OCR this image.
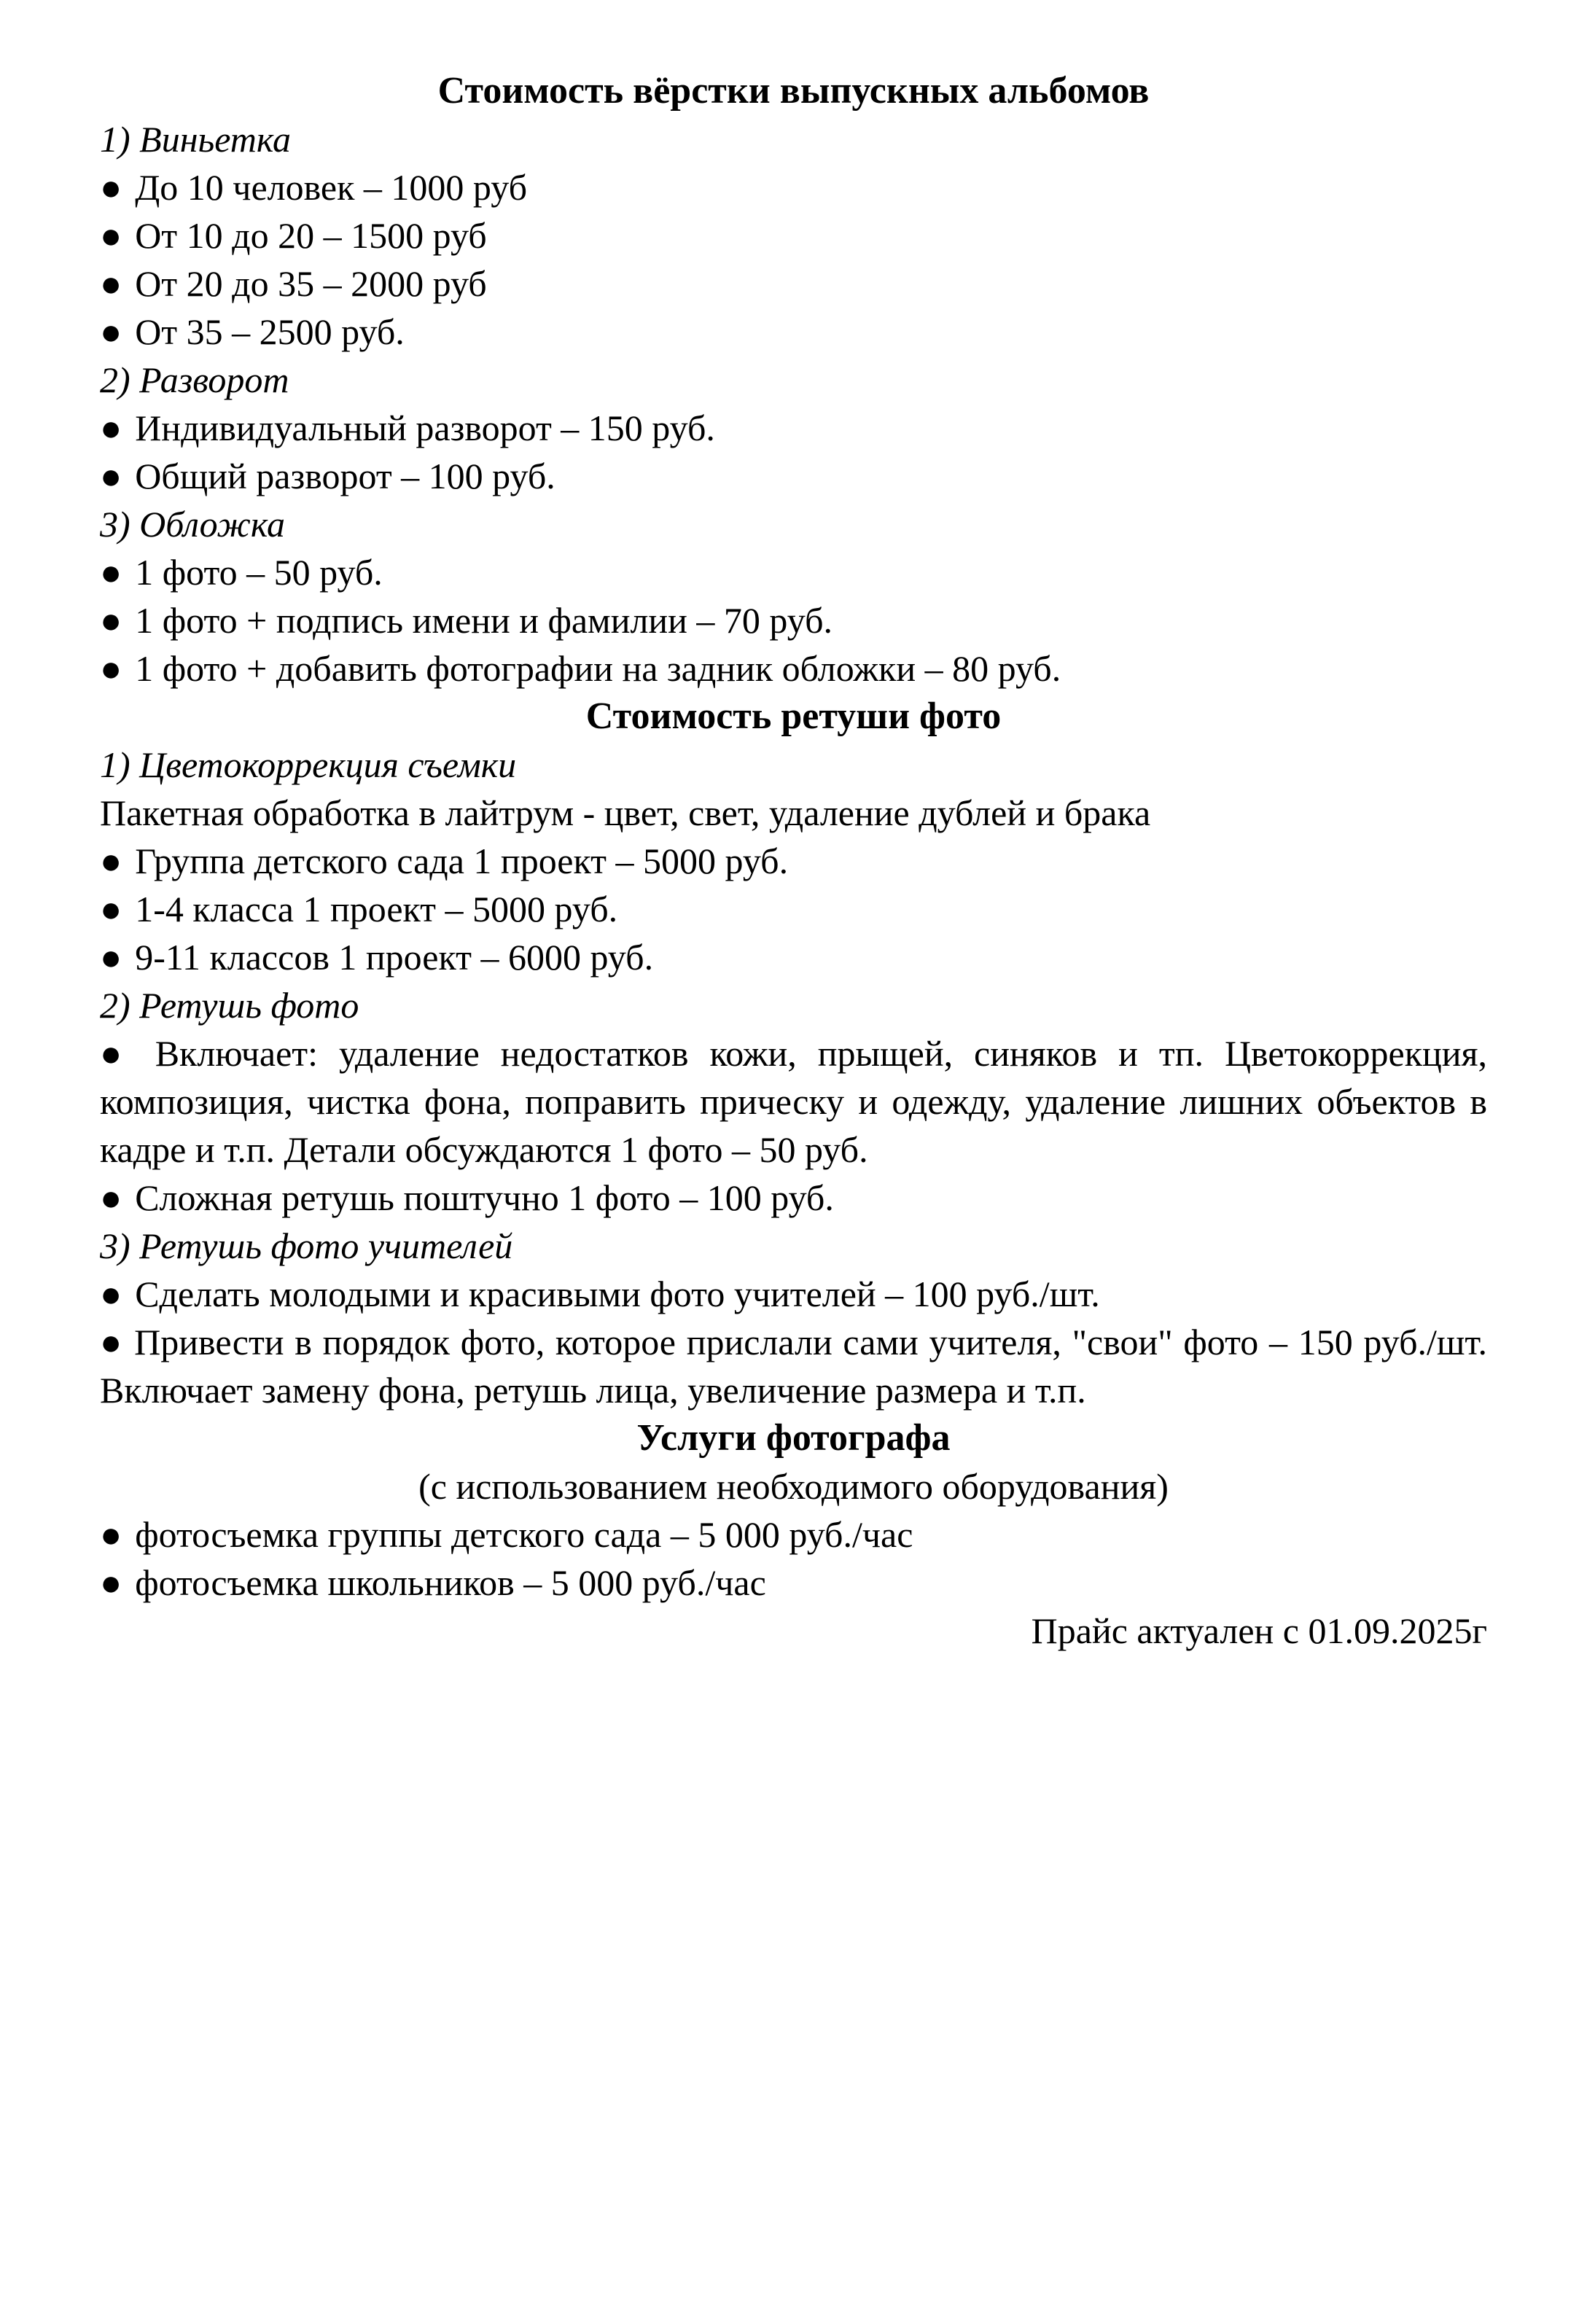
Стоимость вёрстки выпускных альбомов

1) Виньетка

● До 10 человек – 1000 руб
● От 10 до 20 – 1500 руб
● От 20 до 35 – 2000 руб
● От 35 – 2500 руб.

2) Разворот

● Индивидуальный разворот – 150 руб.
● Общий разворот – 100 руб.

3) Обложка

● 1 фото – 50 руб.
● 1 фото + подпись имени и фамилии – 70 руб.
● 1 фото + добавить фотографии на задник обложки – 80 руб.
Стоимость ретуши фото

1) Цветокоррекция съемки

Пакетная обработка в лайтрум - цвет, свет, удаление дублей и брака

● Группа детского сада 1 проект – 5000 руб.
● 1-4 класса 1 проект – 5000 руб.
● 9-11 классов 1 проект – 6000 руб.

2) Ретушь фото

● Включает: удаление недостатков кожи, прыщей, синяков и тп. Цветокоррекция, композиция, чистка фона, поправить прическу и одежду, удаление лишних объектов в кадре и т.п. Детали обсуждаются 1 фото – 50 руб.

● Сложная ретушь поштучно 1 фото – 100 руб.

3) Ретушь фото учителей

● Сделать молодыми и красивыми фото учителей – 100 руб./шт.

● Привести в порядок фото, которое прислали сами учителя, "свои" фото – 150 руб./шт. Включает замену фона, ретушь лица, увеличение размера и т.п.

Услуги фотографа

(с использованием необходимого оборудования)

● фотосъемка группы детского сада – 5 000 руб./час
● фотосъемка школьников – 5 000 руб./час

Прайс актуален с 01.09.2025г
